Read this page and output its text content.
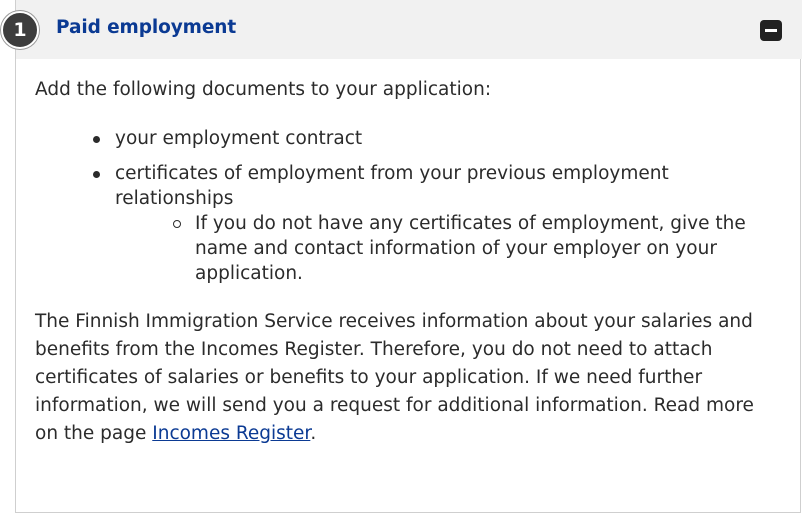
1	Paid employment

Add the following documents to your application:

your employment contract
certificates of employment from your previous employment relationships
If you do not have any certificates of employment, give the name and contact information of your employer on your application.

The Finnish Immigration Service receives information about your salaries and benefits from the Incomes Register. Therefore, you do not need to attach certificates of salaries or benefits to your application. If we need further information, we will send you a request for additional information. Read more on the page Incomes Register.
